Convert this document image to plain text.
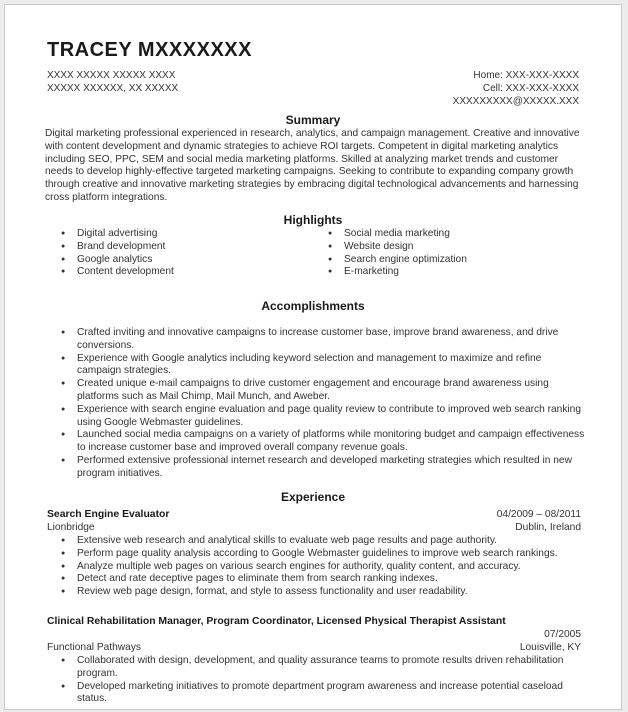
TRACEY MXXXXXXX
XXXX XXXXX XXXXX XXXX
XXXXX XXXXXX, XX XXXXX
Home: XXX-XXX-XXXX
Cell: XXX-XXX-XXXX
XXXXXXXXX@XXXXX.XXX
Summary
Digital marketing professional experienced in research, analytics, and campaign management. Creative and innovative with content development and dynamic strategies to achieve ROI targets. Competent in digital marketing analytics including SEO, PPC, SEM and social media marketing platforms. Skilled at analyzing market trends and customer needs to develop highly-effective targeted marketing campaigns. Seeking to contribute to expanding company growth through creative and innovative marketing strategies by embracing digital technological advancements and harnessing cross platform integrations.
Highlights
● Digital advertising
● Brand development
● Google analytics
● Content development
● Social media marketing
● Website design
● Search engine optimization
● E-marketing
Accomplishments
● Crafted inviting and innovative campaigns to increase customer base, improve brand awareness, and drive conversions.
● Experience with Google analytics including keyword selection and management to maximize and refine campaign strategies.
● Created unique e-mail campaigns to drive customer engagement and encourage brand awareness using platforms such as Mail Chimp, Mail Munch, and Aweber.
● Experience with search engine evaluation and page quality review to contribute to improved web search ranking using Google Webmaster guidelines.
● Launched social media campaigns on a variety of platforms while monitoring budget and campaign effectiveness to increase customer base and improved overall company revenue goals.
● Performed extensive professional internet research and developed marketing strategies which resulted in new program initiatives.
Experience
Search Engine Evaluator	04/2009 – 08/2011
Lionbridge	Dublin, Ireland
● Extensive web research and analytical skills to evaluate web page results and page authority.
● Perform page quality analysis according to Google Webmaster guidelines to improve web search rankings.
● Analyze multiple web pages on various search engines for authority, quality content, and accuracy.
● Detect and rate deceptive pages to eliminate them from search ranking indexes.
● Review web page design, format, and style to assess functionality and user readability.
Clinical Rehabilitation Manager, Program Coordinator, Licensed Physical Therapist Assistant
07/2005
Functional Pathways	Louisville, KY
● Collaborated with design, development, and quality assurance teams to promote results driven rehabilitation program.
● Developed marketing initiatives to promote department program awareness and increase potential caseload status.
